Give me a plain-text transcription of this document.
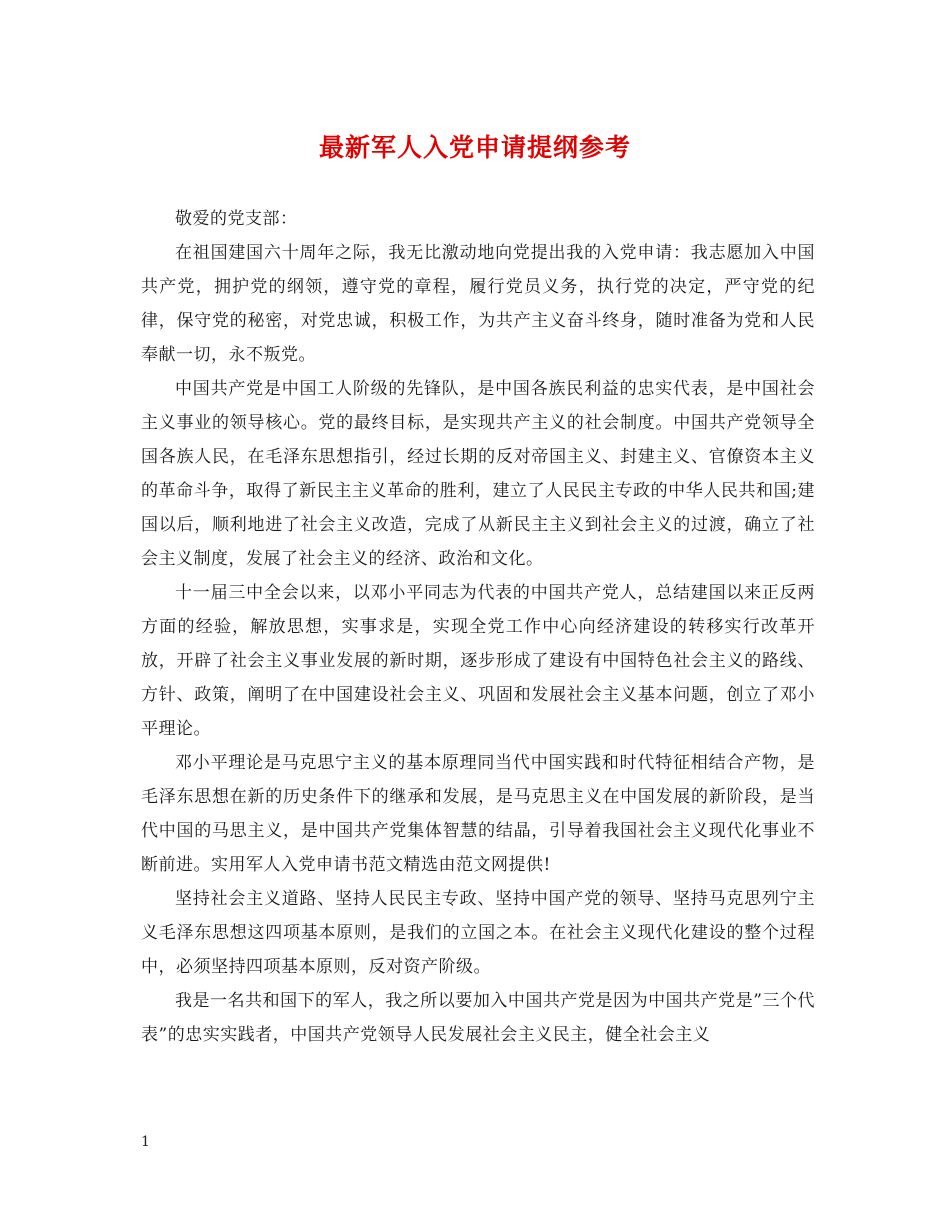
最新军人入党申请提纲参考

敬爱的党支部：

在祖国建国六十周年之际，我无比激动地向党提出我的入党申请：我志愿加入中国共产党，拥护党的纲领，遵守党的章程，履行党员义务，执行党的决定，严守党的纪律，保守党的秘密，对党忠诚，积极工作，为共产主义奋斗终身，随时准备为党和人民奉献一切，永不叛党。

中国共产党是中国工人阶级的先锋队，是中国各族民利益的忠实代表，是中国社会主义事业的领导核心。党的最终目标，是实现共产主义的社会制度。中国共产党领导全国各族人民，在毛泽东思想指引，经过长期的反对帝国主义、封建主义、官僚资本主义的革命斗争，取得了新民主主义革命的胜利，建立了人民民主专政的中华人民共和国;建国以后，顺利地进了社会主义改造，完成了从新民主主义到社会主义的过渡，确立了社会主义制度，发展了社会主义的经济、政治和文化。

十一届三中全会以来，以邓小平同志为代表的中国共产党人，总结建国以来正反两方面的经验，解放思想，实事求是，实现全党工作中心向经济建设的转移实行改革开放，开辟了社会主义事业发展的新时期，逐步形成了建设有中国特色社会主义的路线、方针、政策，阐明了在中国建设社会主义、巩固和发展社会主义基本问题，创立了邓小平理论。

邓小平理论是马克思宁主义的基本原理同当代中国实践和时代特征相结合产物，是毛泽东思想在新的历史条件下的继承和发展，是马克思主义在中国发展的新阶段，是当代中国的马思主义，是中国共产党集体智慧的结晶，引导着我国社会主义现代化事业不断前进。实用军人入党申请书范文精选由范文网提供!

坚持社会主义道路、坚持人民民主专政、坚持中国产党的领导、坚持马克思列宁主义毛泽东思想这四项基本原则，是我们的立国之本。在社会主义现代化建设的整个过程中，必须坚持四项基本原则，反对资产阶级。

我是一名共和国下的军人，我之所以要加入中国共产党是因为中国共产党是”三个代表”的忠实实践者，中国共产党领导人民发展社会主义民主，健全社会主义

1
